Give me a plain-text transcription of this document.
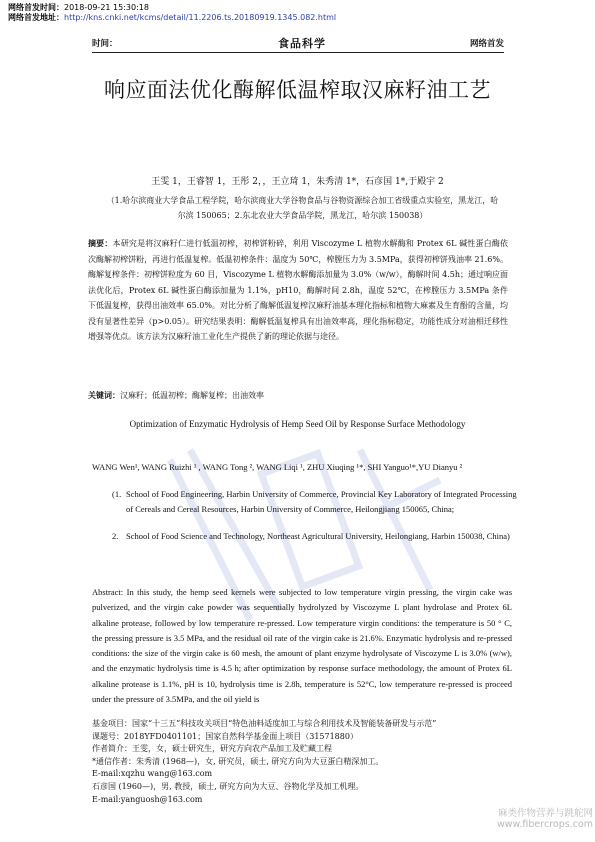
网络首发时间：2018-09-21 15:30:18
网络首发地址：http://kns.cnki.net/kcms/detail/11.2206.ts.20180919.1345.082.html
时间：	食品科学	网络首发
响应面法优化酶解低温榨取汉麻籽油工艺
王雯 1，王睿智 1，王彤 2，，王立琦 1，朱秀清 1*，石彦国 1*,于殿宇 2
（1.哈尔滨商业大学食品工程学院，哈尔滨商业大学谷物食品与谷物资源综合加工省级重点实验室，黑龙江，哈尔滨 150065；2.东北农业大学食品学院，黑龙江，哈尔滨 150038）
摘要：本研究是将汉麻籽仁进行低温初榨，初榨饼粉碎，利用 Viscozyme L 植物水解酶和 Protex 6L 碱性蛋白酶依次酶解初榨饼粉，再进行低温复榨。低温初榨条件：温度为 50℃，榨膛压力为 3.5MPa，获得初榨饼残油率 21.6%。酶解复榨条件：初榨饼粒度为 60 目，Viscozyme L 植物水解酶添加量为 3.0%（w/w），酶解时间 4.5h；通过响应面法优化后，Protex 6L 碱性蛋白酶添加量为 1.1%，pH10，酶解时间 2.8h，温度 52℃，在榨膛压力 3.5MPa 条件下低温复榨，获得出油效率 65.0%。对比分析了酶解低温复榨汉麻籽油基本理化指标和植物大麻素及生育酚的含量，均没有显著性差异（p>0.05）。研究结果表明：酶解低温复榨具有出油效率高，理化指标稳定，功能性成分对油相迁移性增强等优点。该方法为汉麻籽油工业化生产提供了新的理论依据与途径。
关键词：汉麻籽；低温初榨；酶解复榨；出油效率
Optimization of Enzymatic Hydrolysis of Hemp Seed Oil by Response Surface Methodology
WANG Wen¹, WANG Ruizhi ¹ , WANG Tong ², WANG Liqi ¹, ZHU Xiuqing ¹*, SHI Yanguo¹*,YU Dianyu ²
(1. School of Food Engineering, Harbin University of Commerce, Provincial Key Laboratory of Integrated Processing of Cereals and Cereal Resources, Harbin University of Commerce, Heilongjiang 150065, China;
2. School of Food Science and Technology, Northeast Agricultural University, Heilongiang, Harbin 150038, China)
Abstract: In this study, the hemp seed kernels were subjected to low temperature virgin pressing, the virgin cake was pulverized, and the virgin cake powder was sequentially hydrolyzed by Viscozyme L plant hydrolase and Protex 6L alkaline protease, followed by low temperature re-pressed. Low temperature virgin conditions: the temperature is 50 ° C, the pressing pressure is 3.5 MPa, and the residual oil rate of the virgin cake is 21.6%. Enzymatic hydrolysis and re-pressed conditions: the size of the virgin cake is 60 mesh, the amount of plant enzyme hydrolysate of Viscozyme L is 3.0% (w/w), and the enzymatic hydrolysis time is 4.5 h; after optimization by response surface methodology, the amount of Protex 6L alkaline protease is 1.1%, pH is 10, hydrolysis time is 2.8h, temperature is 52°C, low temperature re-pressed is proceed under the pressure of 3.5MPa, and the oil yield is
基金项目：国家“十三五”科技攻关项目“特色油料适度加工与综合利用技术及智能装备研发与示范”
课题号：2018YFD0401101；国家自然科学基金面上项目（31571880）
作者简介：王雯，女，硕士研究生，研究方向农产品加工及贮藏工程
*通信作者：朱秀清 (1968—)，女, 研究员，硕士, 研究方向为大豆蛋白精深加工。
E-mail:xqzhu wang@163.com
石彦国 (1960—)，男, 教授，硕士, 研究方向为大豆、谷物化学及加工机理。
E-mail:yanguosh@163.com
麻类作物营养与跳舵网
www.fibercrops.com
